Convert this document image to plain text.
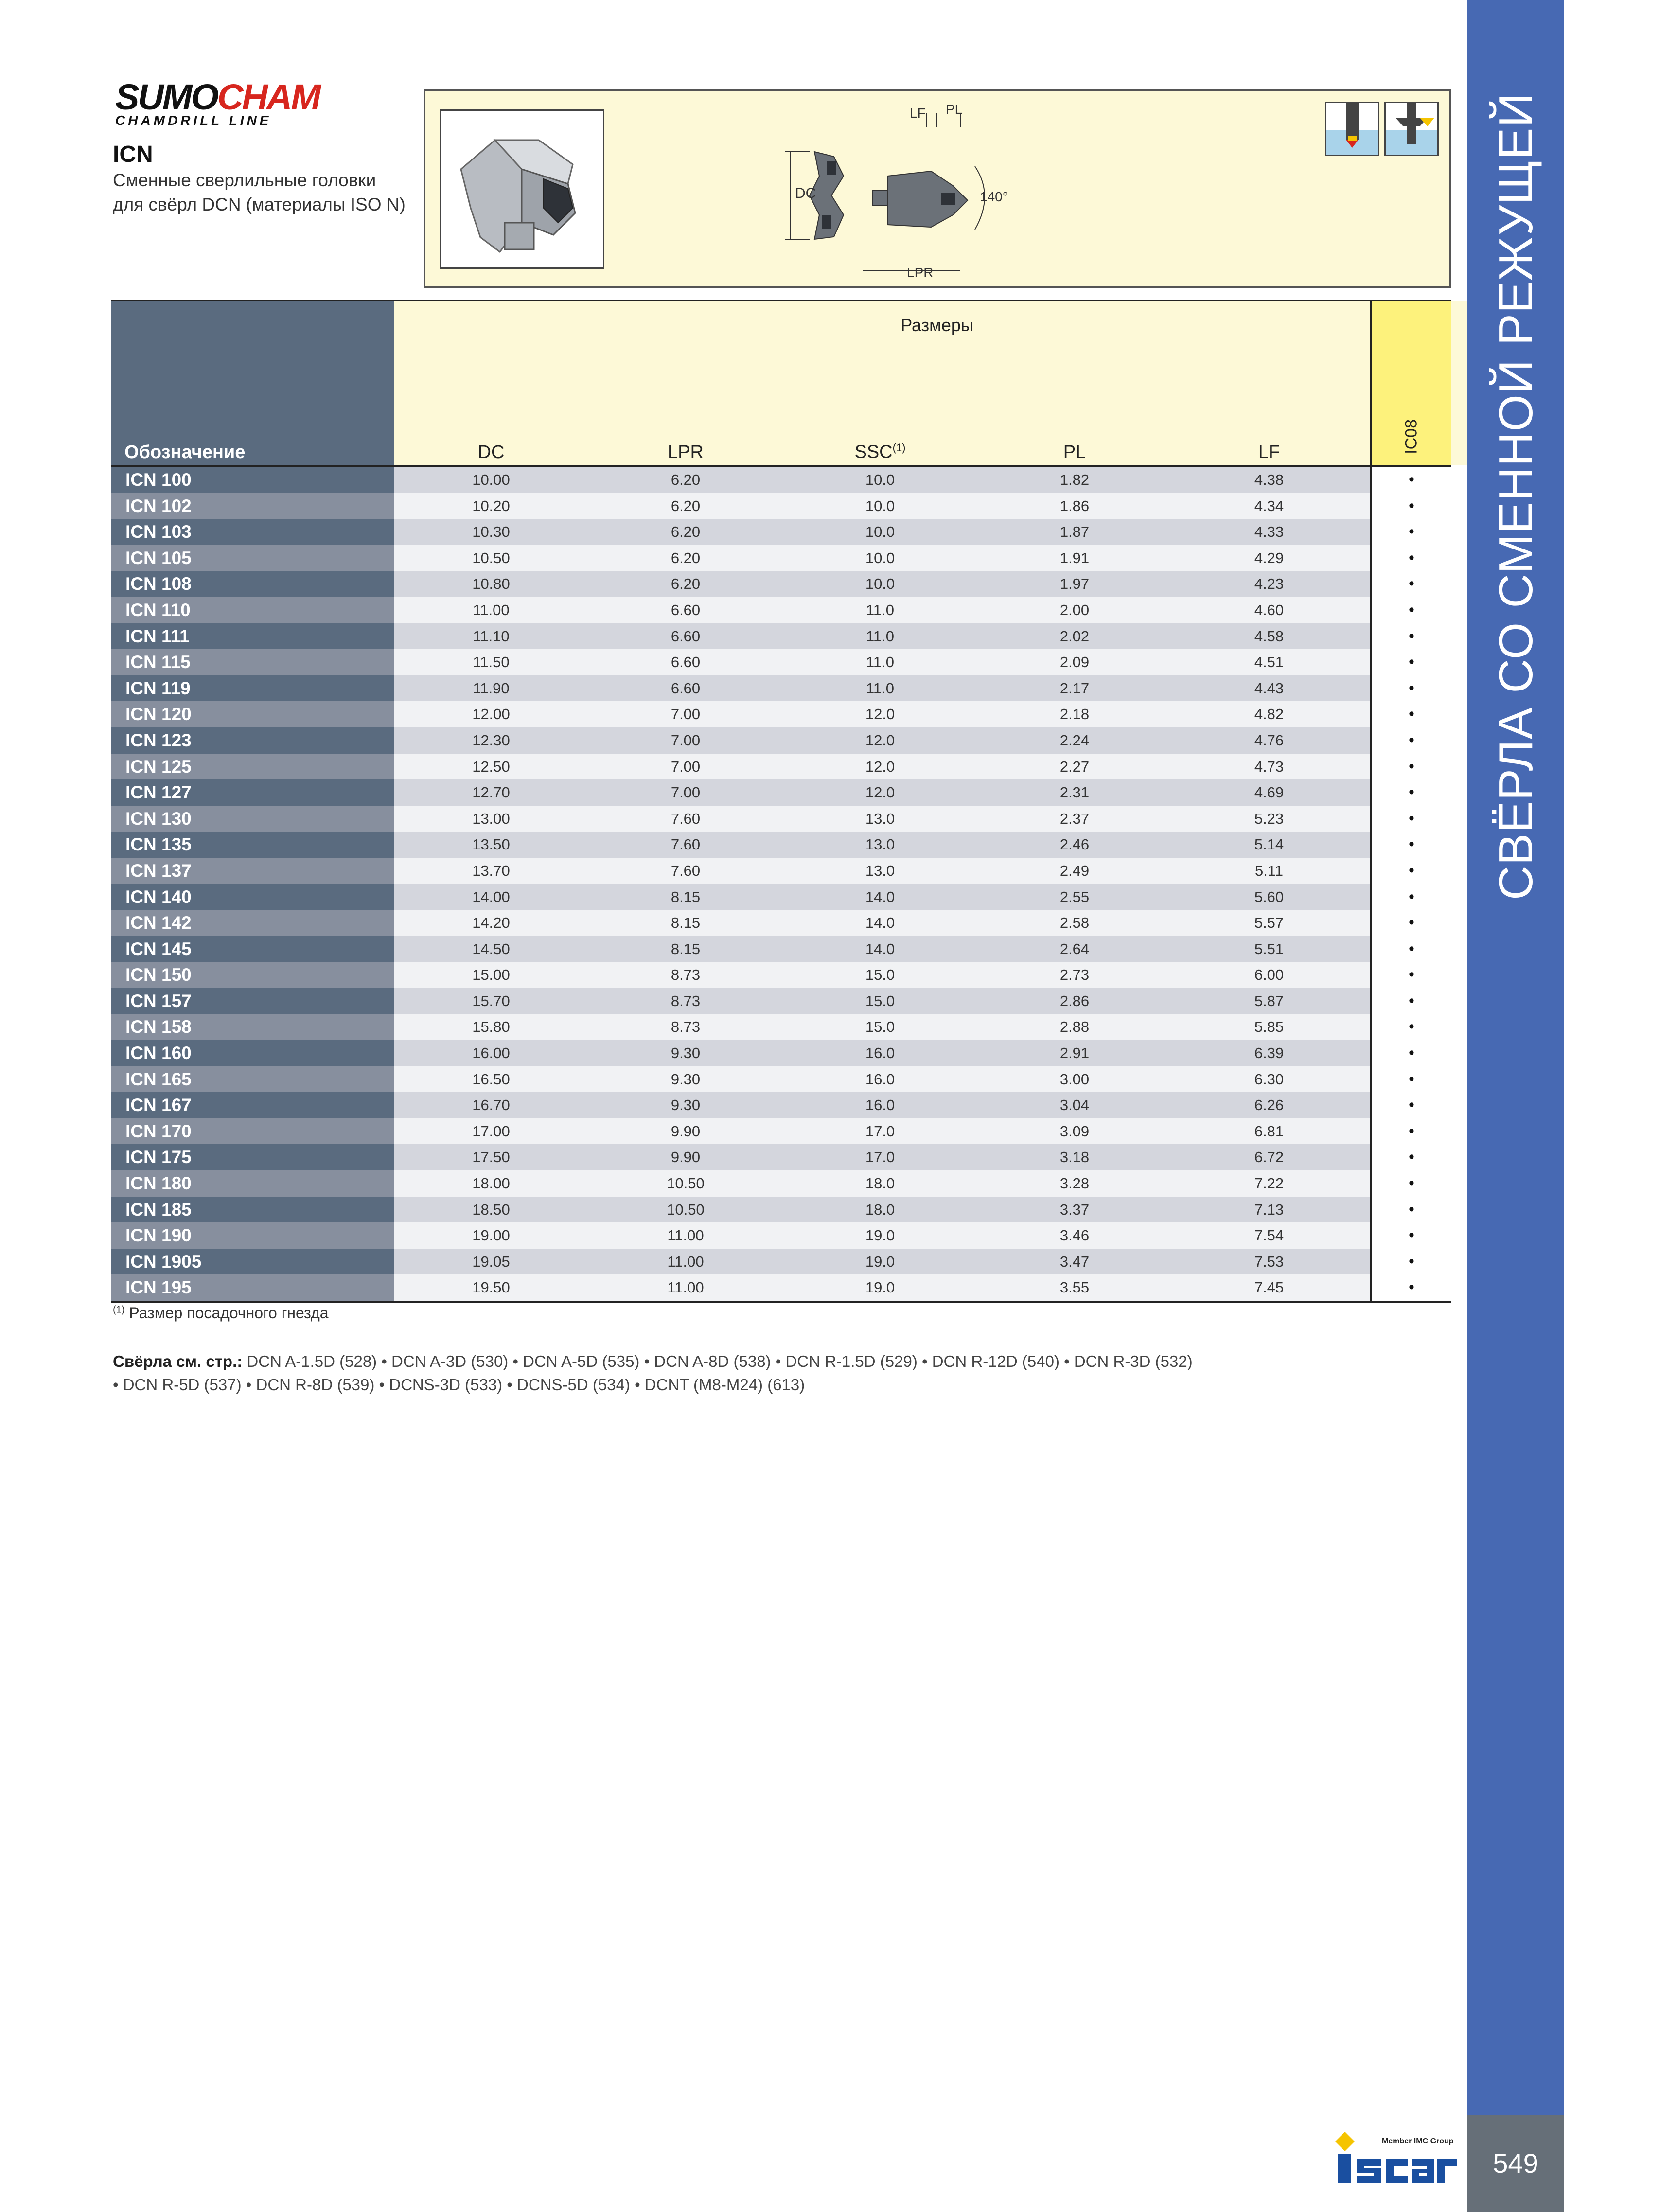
SUMOCHAM
CHAMDRILL LINE
ICN
Сменные сверлильные головки
для свёрл DCN (материалы ISO N)
DC
LF PL
LPR
140°
Обозначение
Размеры
DC	LPR	SSC$^{(1)}$	PL	LF	IC08
ICN 100	10.00	6.20	10.0	1.82	4.38	•
ICN 102	10.20	6.20	10.0	1.86	4.34	•
ICN 103	10.30	6.20	10.0	1.87	4.33	•
ICN 105	10.50	6.20	10.0	1.91	4.29	•
ICN 108	10.80	6.20	10.0	1.97	4.23	•
ICN 110	11.00	6.60	11.0	2.00	4.60	•
ICN 111	11.10	6.60	11.0	2.02	4.58	•
ICN 115	11.50	6.60	11.0	2.09	4.51	•
ICN 119	11.90	6.60	11.0	2.17	4.43	•
ICN 120	12.00	7.00	12.0	2.18	4.82	•
ICN 123	12.30	7.00	12.0	2.24	4.76	•
ICN 125	12.50	7.00	12.0	2.27	4.73	•
ICN 127	12.70	7.00	12.0	2.31	4.69	•
ICN 130	13.00	7.60	13.0	2.37	5.23	•
ICN 135	13.50	7.60	13.0	2.46	5.14	•
ICN 137	13.70	7.60	13.0	2.49	5.11	•
ICN 140	14.00	8.15	14.0	2.55	5.60	•
ICN 142	14.20	8.15	14.0	2.58	5.57	•
ICN 145	14.50	8.15	14.0	2.64	5.51	•
ICN 150	15.00	8.73	15.0	2.73	6.00	•
ICN 157	15.70	8.73	15.0	2.86	5.87	•
ICN 158	15.80	8.73	15.0	2.88	5.85	•
ICN 160	16.00	9.30	16.0	2.91	6.39	•
ICN 165	16.50	9.30	16.0	3.00	6.30	•
ICN 167	16.70	9.30	16.0	3.04	6.26	•
ICN 170	17.00	9.90	17.0	3.09	6.81	•
ICN 175	17.50	9.90	17.0	3.18	6.72	•
ICN 180	18.00	10.50	18.0	3.28	7.22	•
ICN 185	18.50	10.50	18.0	3.37	7.13	•
ICN 190	19.00	11.00	19.0	3.46	7.54	•
ICN 1905	19.05	11.00	19.0	3.47	7.53	•
ICN 195	19.50	11.00	19.0	3.55	7.45	•
$^{(1)}$ Размер посадочного гнезда
Свёрла см. стр.: DCN A-1.5D (528) • DCN A-3D (530) • DCN A-5D (535) • DCN A-8D (538) • DCN R-1.5D (529) • DCN R-12D (540) • DCN R-3D (532)
• DCN R-5D (537) • DCN R-8D (539) • DCNS-3D (533) • DCNS-5D (534) • DCNT (M8-M24) (613)
СВЁРЛА СО СМЕННОЙ РЕЖУЩЕЙ ЧАСТЬЮ
549
Member IMC Group
